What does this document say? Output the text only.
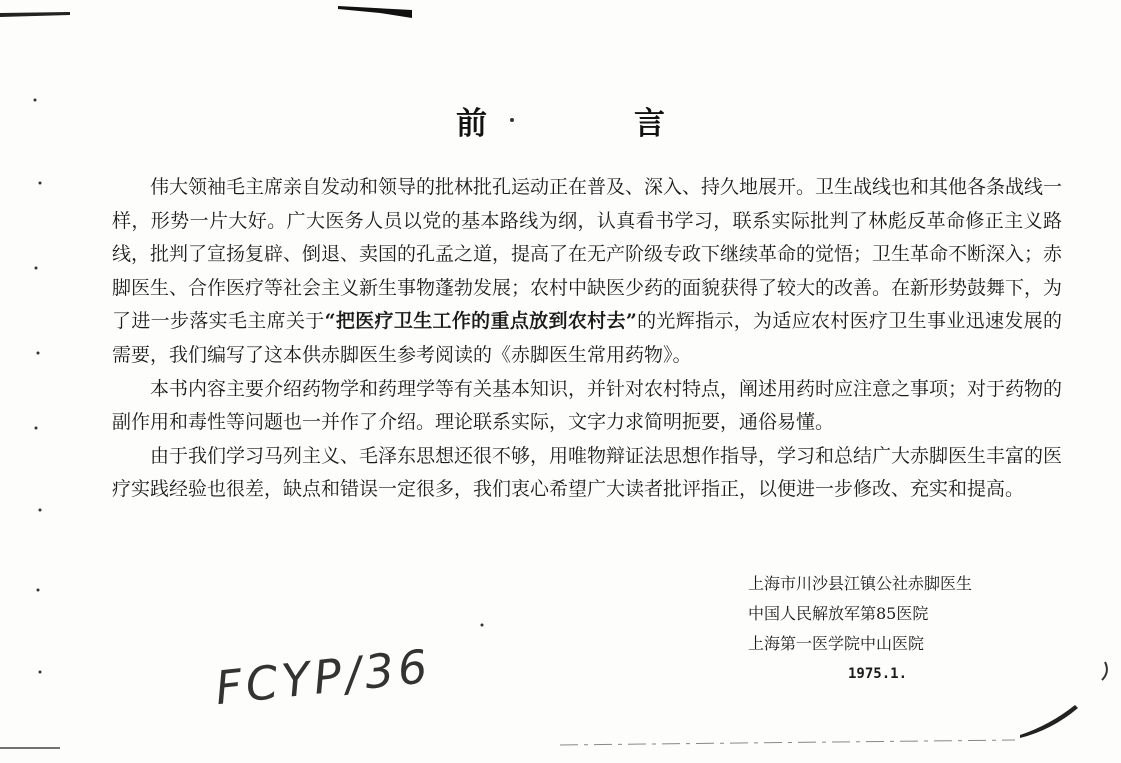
前　言

伟大领袖毛主席亲自发动和领导的批林批孔运动正在普及、深入、持久地展开。卫生战线也和其他各条战线一样，形势一片大好。广大医务人员以党的基本路线为纲，认真看书学习，联系实际批判了林彪反革命修正主义路线，批判了宣扬复辟、倒退、卖国的孔孟之道，提高了在无产阶级专政下继续革命的觉悟；卫生革命不断深入；赤脚医生、合作医疗等社会主义新生事物蓬勃发展；农村中缺医少药的面貌获得了较大的改善。在新形势鼓舞下，为了进一步落实毛主席关于“把医疗卫生工作的重点放到农村去”的光辉指示，为适应农村医疗卫生事业迅速发展的需要，我们编写了这本供赤脚医生参考阅读的《赤脚医生常用药物》。

本书内容主要介绍药物学和药理学等有关基本知识，并针对农村特点，阐述用药时应注意之事项；对于药物的副作用和毒性等问题也一并作了介绍。理论联系实际，文字力求简明扼要，通俗易懂。

由于我们学习马列主义、毛泽东思想还很不够，用唯物辩证法思想作指导，学习和总结广大赤脚医生丰富的医疗实践经验也很差，缺点和错误一定很多，我们衷心希望广大读者批评指正，以便进一步修改、充实和提高。

上海市川沙县江镇公社赤脚医生
中国人民解放军第85医院
上海第一医学院中山医院
1975.1.
FCYP/36
